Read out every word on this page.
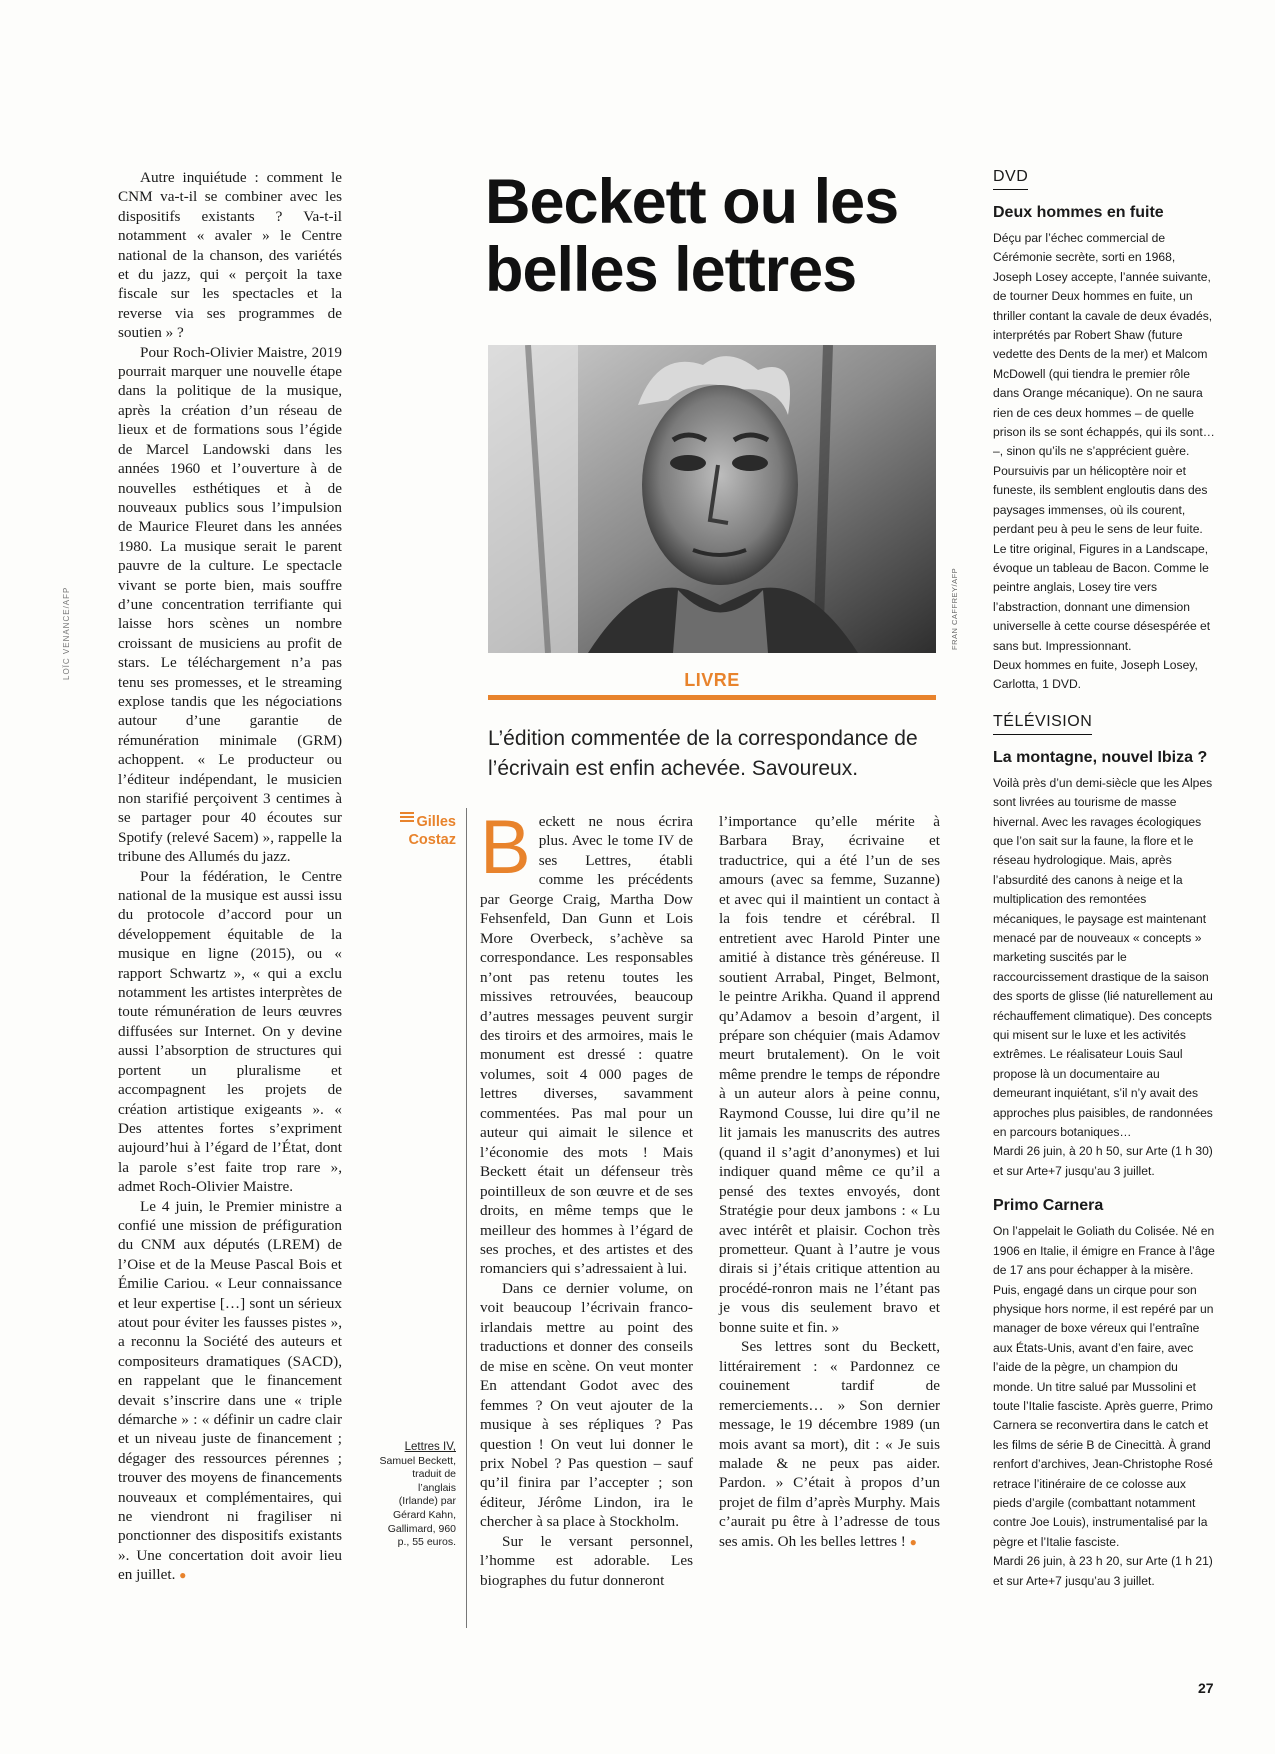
LOÏC VENANCE/AFP

Autre inquiétude : comment le CNM va-t-il se combiner avec les dispositifs existants ? Va-t-il notamment « avaler » le Centre national de la chanson, des variétés et du jazz, qui « perçoit la taxe fiscale sur les spectacles et la reverse via ses programmes de soutien » ?

Pour Roch-Olivier Maistre, 2019 pourrait marquer une nouvelle étape dans la politique de la musique, après la création d’un réseau de lieux et de formations sous l’égide de Marcel Landowski dans les années 1960 et l’ouverture à de nouvelles esthétiques et à de nouveaux publics sous l’impulsion de Maurice Fleuret dans les années 1980. La musique serait le parent pauvre de la culture. Le spectacle vivant se porte bien, mais souffre d’une concentration terrifiante qui laisse hors scènes un nombre croissant de musiciens au profit de stars. Le téléchargement n’a pas tenu ses promesses, et le streaming explose tandis que les négociations autour d’une garantie de rémunération minimale (GRM) achoppent. « Le producteur ou l’éditeur indépendant, le musicien non starifié perçoivent 3 centimes à se partager pour 40 écoutes sur Spotify (relevé Sacem) », rappelle la tribune des Allumés du jazz.

Pour la fédération, le Centre national de la musique est aussi issu du protocole d’accord pour un développement équitable de la musique en ligne (2015), ou « rapport Schwartz », « qui a exclu notamment les artistes interprètes de toute rémunération de leurs œuvres diffusées sur Internet. On y devine aussi l’absorption de structures qui portent un pluralisme et accompagnent les projets de création artistique exigeants ». « Des attentes fortes s’expriment aujourd’hui à l’égard de l’État, dont la parole s’est faite trop rare », admet Roch-Olivier Maistre.

Le 4 juin, le Premier ministre a confié une mission de préfiguration du CNM aux députés (LREM) de l’Oise et de la Meuse Pascal Bois et Émilie Cariou. « Leur connaissance et leur expertise […] sont un sérieux atout pour éviter les fausses pistes », a reconnu la Société des auteurs et compositeurs dramatiques (SACD), en rappelant que le financement devait s’inscrire dans une « triple démarche » : « définir un cadre clair et un niveau juste de financement ; dégager des ressources pérennes ; trouver des moyens de financements nouveaux et complémentaires, qui ne viendront ni fragiliser ni ponctionner des dispositifs existants ». Une concertation doit avoir lieu en juillet. ●

Beckett ou les belles lettres
FRAN CAFFREY/AFP
LIVRE
L’édition commentée de la correspondance de l’écrivain est enfin achevée. Savoureux.
Gilles Costaz
Lettres IV,
Samuel Beckett, traduit de l’anglais (Irlande) par Gérard Kahn, Gallimard, 960 p., 55 euros.

Beckett ne nous écrira plus. Avec le tome IV de ses Lettres, établi comme les précédents par George Craig, Martha Dow Fehsenfeld, Dan Gunn et Lois More Overbeck, s’achève sa correspondance. Les responsables n’ont pas retenu toutes les missives retrouvées, beaucoup d’autres messages peuvent surgir des tiroirs et des armoires, mais le monument est dressé : quatre volumes, soit 4 000 pages de lettres diverses, savamment commentées. Pas mal pour un auteur qui aimait le silence et l’économie des mots ! Mais Beckett était un défenseur très pointilleux de son œuvre et de ses droits, en même temps que le meilleur des hommes à l’égard de ses proches, et des artistes et des romanciers qui s’adressaient à lui.

Dans ce dernier volume, on voit beaucoup l’écrivain franco-irlandais mettre au point des traductions et donner des conseils de mise en scène. On veut monter En attendant Godot avec des femmes ? On veut ajouter de la musique à ses répliques ? Pas question ! On veut lui donner le prix Nobel ? Pas question – sauf qu’il finira par l’accepter ; son éditeur, Jérôme Lindon, ira le chercher à sa place à Stockholm.

Sur le versant personnel, l’homme est adorable. Les biographes du futur donneront

l’importance qu’elle mérite à Barbara Bray, écrivaine et traductrice, qui a été l’un de ses amours (avec sa femme, Suzanne) et avec qui il maintient un contact à la fois tendre et cérébral. Il entretient avec Harold Pinter une amitié à distance très généreuse. Il soutient Arrabal, Pinget, Belmont, le peintre Arikha. Quand il apprend qu’Adamov a besoin d’argent, il prépare son chéquier (mais Adamov meurt brutalement). On le voit même prendre le temps de répondre à un auteur alors à peine connu, Raymond Cousse, lui dire qu’il ne lit jamais les manuscrits des autres (quand il s’agit d’anonymes) et lui indiquer quand même ce qu’il a pensé des textes envoyés, dont Stratégie pour deux jambons : « Lu avec intérêt et plaisir. Cochon très prometteur. Quant à l’autre je vous dirais si j’étais critique attention au procédé-ronron mais ne l’étant pas je vous dis seulement bravo et bonne suite et fin. »

Ses lettres sont du Beckett, littérairement : « Pardonnez ce couinement tardif de remerciements… » Son dernier message, le 19 décembre 1989 (un mois avant sa mort), dit : « Je suis malade & ne peux pas aider. Pardon. » C’était à propos d’un projet de film d’après Murphy. Mais c’aurait pu être à l’adresse de tous ses amis. Oh les belles lettres ! ●

DVD
Deux hommes en fuite
Déçu par l’échec commercial de Cérémonie secrète, sorti en 1968, Joseph Losey accepte, l’année suivante, de tourner Deux hommes en fuite, un thriller contant la cavale de deux évadés, interprétés par Robert Shaw (future vedette des Dents de la mer) et Malcom McDowell (qui tiendra le premier rôle dans Orange mécanique). On ne saura rien de ces deux hommes – de quelle prison ils se sont échappés, qui ils sont… –, sinon qu’ils ne s’apprécient guère. Poursuivis par un hélicoptère noir et funeste, ils semblent engloutis dans des paysages immenses, où ils courent, perdant peu à peu le sens de leur fuite. Le titre original, Figures in a Landscape, évoque un tableau de Bacon. Comme le peintre anglais, Losey tire vers l’abstraction, donnant une dimension universelle à cette course désespérée et sans but. Impressionnant.
Deux hommes en fuite, Joseph Losey, Carlotta, 1 DVD.
TÉLÉVISION
La montagne, nouvel Ibiza ?
Voilà près d’un demi-siècle que les Alpes sont livrées au tourisme de masse hivernal. Avec les ravages écologiques que l’on sait sur la faune, la flore et le réseau hydrologique. Mais, après l’absurdité des canons à neige et la multiplication des remontées mécaniques, le paysage est maintenant menacé par de nouveaux « concepts » marketing suscités par le raccourcissement drastique de la saison des sports de glisse (lié naturellement au réchauffement climatique). Des concepts qui misent sur le luxe et les activités extrêmes. Le réalisateur Louis Saul propose là un documentaire au demeurant inquiétant, s’il n’y avait des approches plus paisibles, de randonnées en parcours botaniques…
Mardi 26 juin, à 20 h 50, sur Arte (1 h 30) et sur Arte+7 jusqu’au 3 juillet.
Primo Carnera
On l’appelait le Goliath du Colisée. Né en 1906 en Italie, il émigre en France à l’âge de 17 ans pour échapper à la misère. Puis, engagé dans un cirque pour son physique hors norme, il est repéré par un manager de boxe véreux qui l’entraîne aux États-Unis, avant d’en faire, avec l’aide de la pègre, un champion du monde. Un titre salué par Mussolini et toute l’Italie fasciste. Après guerre, Primo Carnera se reconvertira dans le catch et les films de série B de Cinecittà. À grand renfort d’archives, Jean-Christophe Rosé retrace l’itinéraire de ce colosse aux pieds d’argile (combattant notamment contre Joe Louis), instrumentalisé par la pègre et l’Italie fasciste.
Mardi 26 juin, à 23 h 20, sur Arte (1 h 21) et sur Arte+7 jusqu’au 3 juillet.
27
